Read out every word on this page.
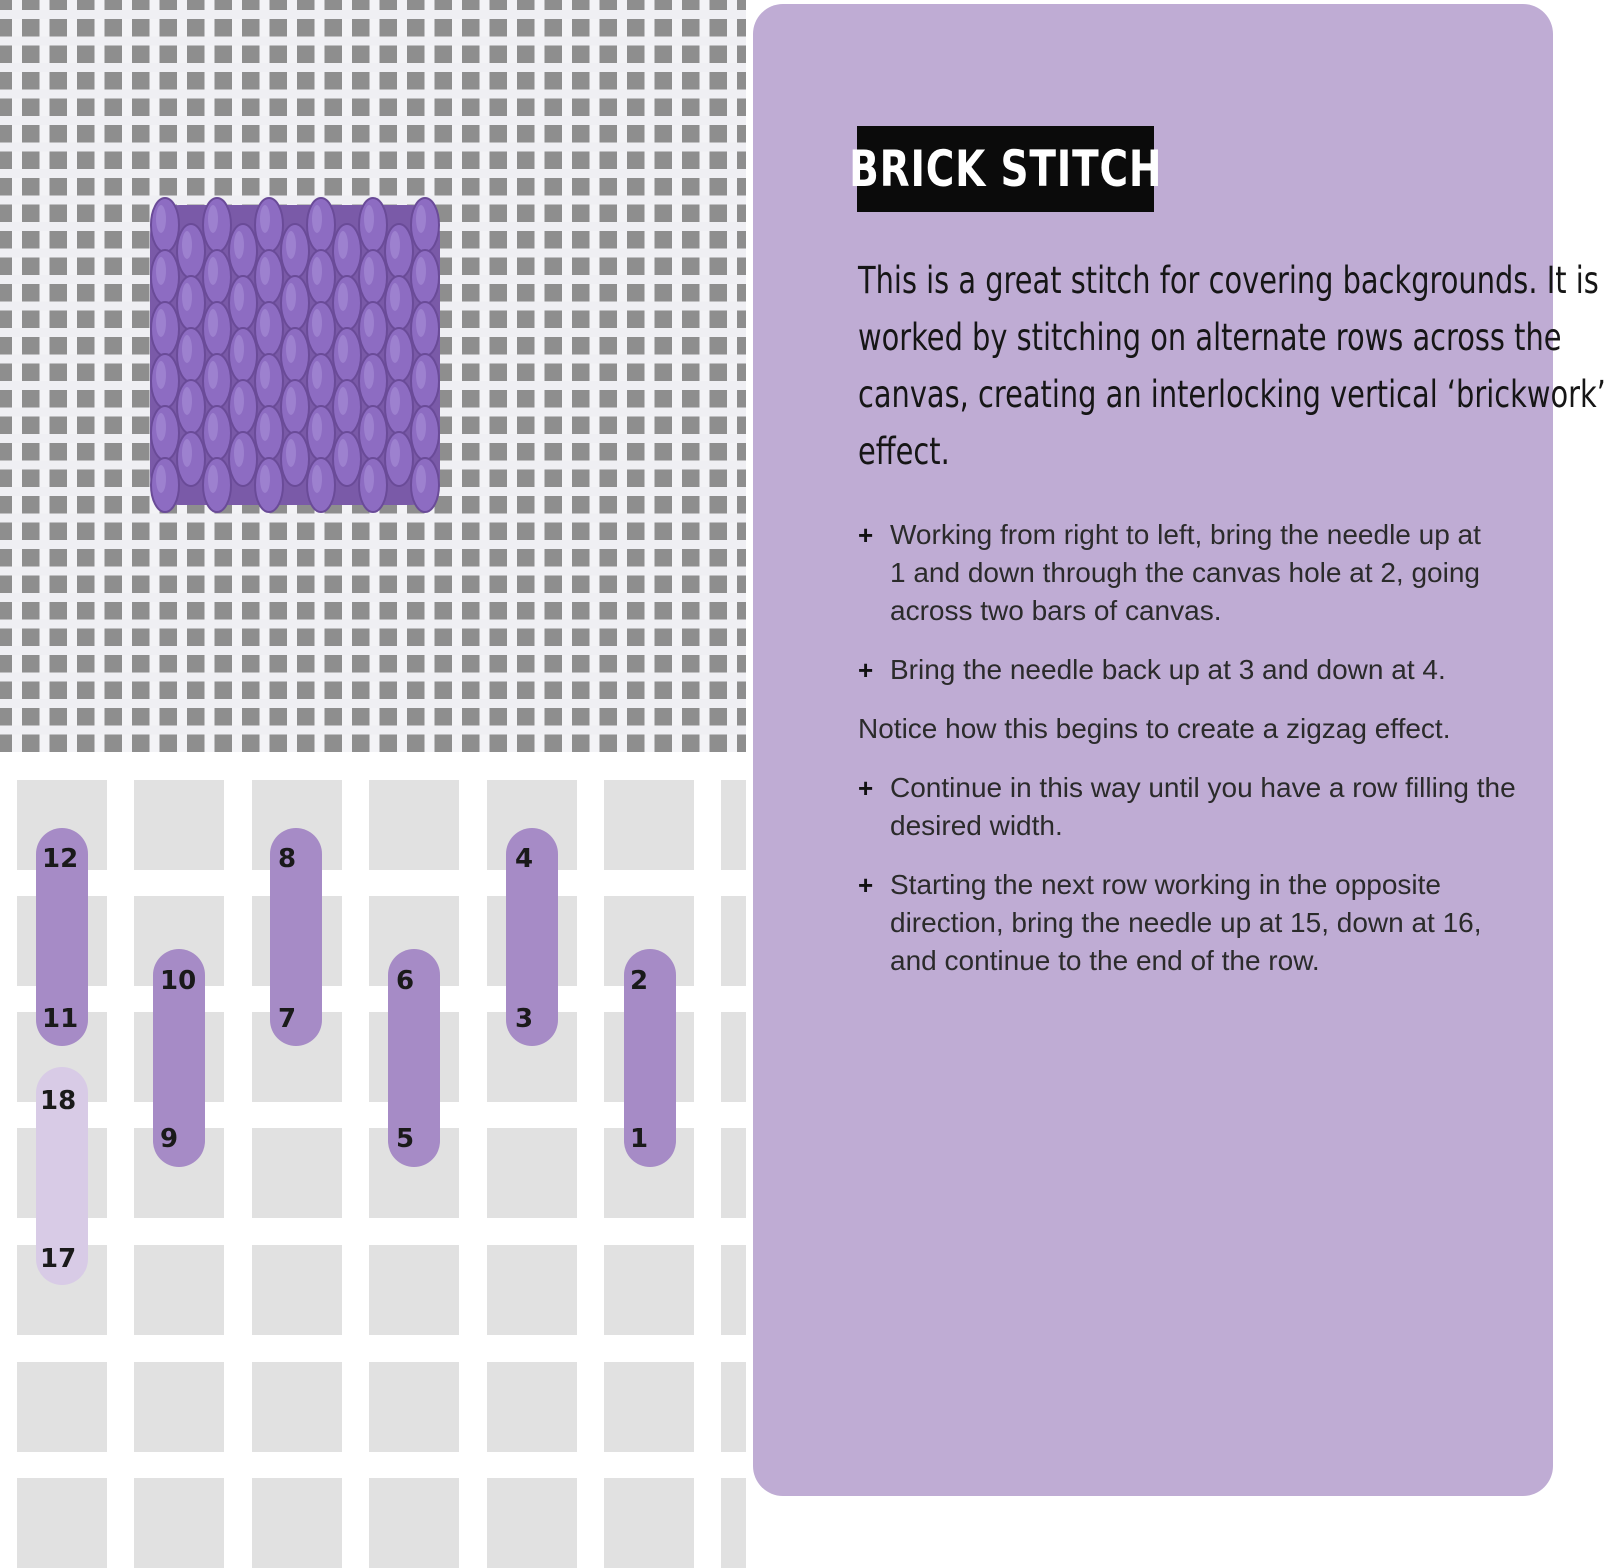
12
11
10
9
8
7
6
5
4
3
2
1
18
17
BRICK STITCH

This is a great stitch for covering backgrounds. It is
worked by stitching on alternate rows across the
canvas, creating an interlocking vertical ‘brickwork’
effect.

+ Working from right to left, bring the needle up at
1 and down through the canvas hole at 2, going
across two bars of canvas.
+ Bring the needle back up at 3 and down at 4.
Notice how this begins to create a zigzag effect.
+ Continue in this way until you have a row filling the
desired width.
+ Starting the next row working in the opposite
direction, bring the needle up at 15, down at 16,
and continue to the end of the row.
